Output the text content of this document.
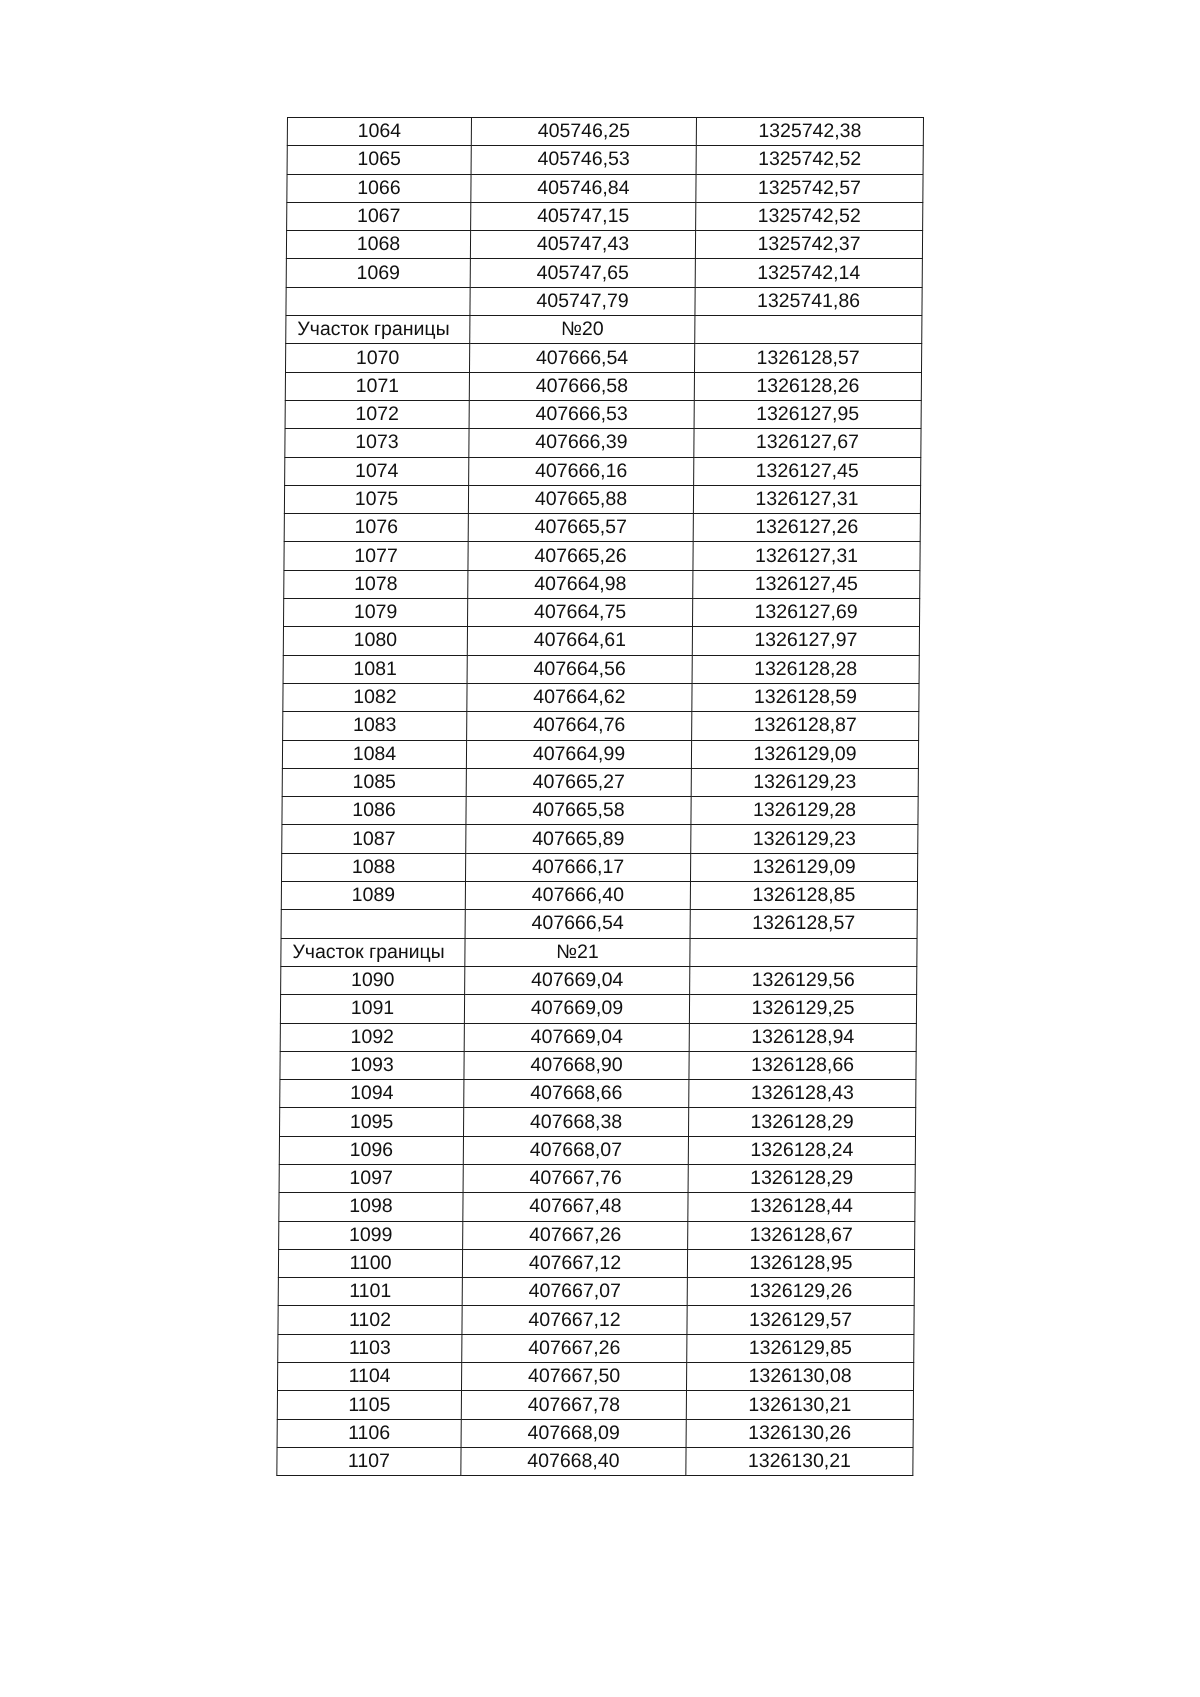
1064	405746,25	1325742,38
1065	405746,53	1325742,52
1066	405746,84	1325742,57
1067	405747,15	1325742,52
1068	405747,43	1325742,37
1069	405747,65	1325742,14
	405747,79	1325741,86
Участок границы	№20	
1070	407666,54	1326128,57
1071	407666,58	1326128,26
1072	407666,53	1326127,95
1073	407666,39	1326127,67
1074	407666,16	1326127,45
1075	407665,88	1326127,31
1076	407665,57	1326127,26
1077	407665,26	1326127,31
1078	407664,98	1326127,45
1079	407664,75	1326127,69
1080	407664,61	1326127,97
1081	407664,56	1326128,28
1082	407664,62	1326128,59
1083	407664,76	1326128,87
1084	407664,99	1326129,09
1085	407665,27	1326129,23
1086	407665,58	1326129,28
1087	407665,89	1326129,23
1088	407666,17	1326129,09
1089	407666,40	1326128,85
	407666,54	1326128,57
Участок границы	№21	
1090	407669,04	1326129,56
1091	407669,09	1326129,25
1092	407669,04	1326128,94
1093	407668,90	1326128,66
1094	407668,66	1326128,43
1095	407668,38	1326128,29
1096	407668,07	1326128,24
1097	407667,76	1326128,29
1098	407667,48	1326128,44
1099	407667,26	1326128,67
1100	407667,12	1326128,95
1101	407667,07	1326129,26
1102	407667,12	1326129,57
1103	407667,26	1326129,85
1104	407667,50	1326130,08
1105	407667,78	1326130,21
1106	407668,09	1326130,26
1107	407668,40	1326130,21
